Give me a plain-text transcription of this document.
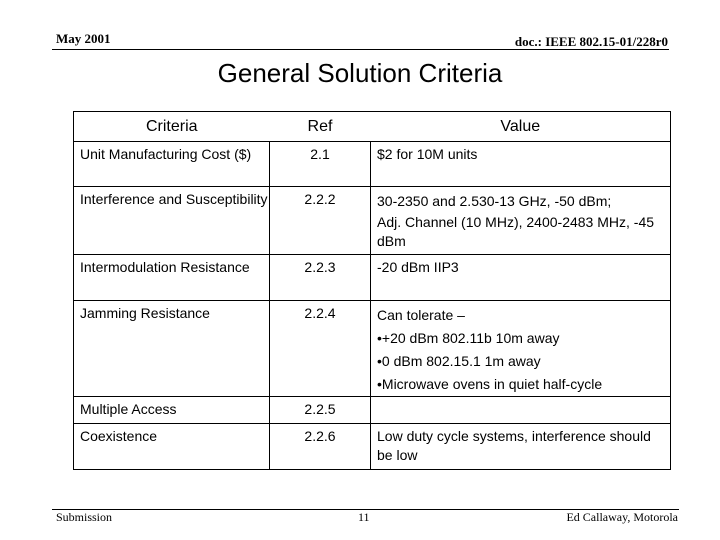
May 2001	doc.: IEEE 802.15-01/228r0
General Solution Criteria
Criteria	Ref	Value
Unit Manufacturing Cost ($)	2.1	$2 for 10M units
Interference and Susceptibility	2.2.2	30-2350 and 2.530-13 GHz, -50 dBm;
Adj. Channel (10 MHz), 2400-2483 MHz, -45 dBm

Intermodulation Resistance	2.2.3	-20 dBm IIP3
Jamming Resistance	2.2.4	Can tolerate –
•+20 dBm 802.11b 10m away
•0 dBm 802.15.1 1m away
•Microwave ovens in quiet half-cycle

Multiple Access	2.2.5	
Coexistence	2.2.6	Low duty cycle systems, interference should be low
Submission	11	Ed Callaway, Motorola
